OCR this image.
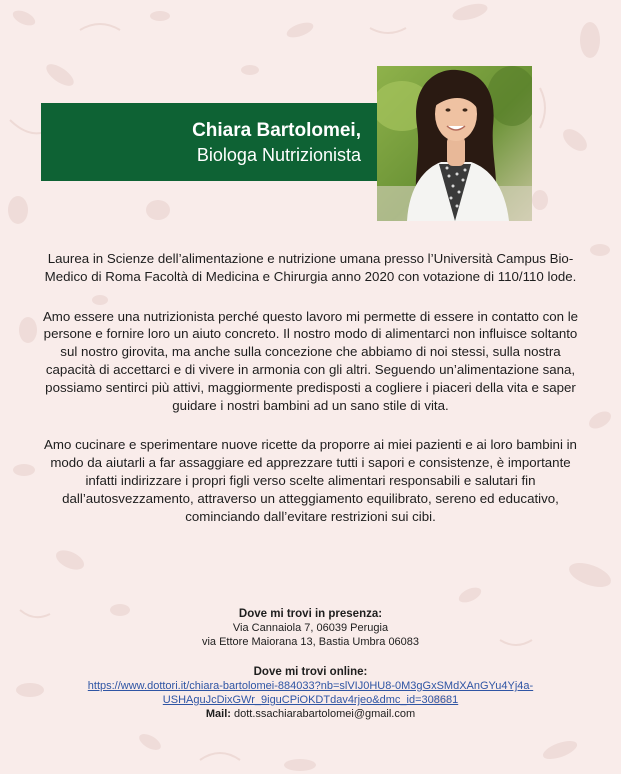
Chiara Bartolomei,
Biologa Nutrizionista

Laurea in Scienze dell’alimentazione e nutrizione umana presso l’Università Campus Bio-Medico di Roma Facoltà di Medicina e Chirurgia anno 2020 con votazione di 110/110 lode.

Amo essere una nutrizionista perché questo lavoro mi permette di essere in contatto con le persone e fornire loro un aiuto concreto. Il nostro modo di alimentarci non influisce soltanto sul nostro girovita, ma anche sulla concezione che abbiamo di noi stessi, sulla nostra capacità di accettarci e di vivere in armonia con gli altri. Seguendo un’alimentazione sana, possiamo sentirci più attivi, maggiormente predisposti a cogliere i piaceri della vita e saper guidare i nostri bambini ad un sano stile di vita.

Amo cucinare e sperimentare nuove ricette da proporre ai miei pazienti e ai loro bambini in modo da aiutarli a far assaggiare ed apprezzare tutti i sapori e consistenze, è importante infatti indirizzare i propri figli verso scelte alimentari responsabili e salutari fin dall’autosvezzamento, attraverso un atteggiamento equilibrato, sereno ed educativo, cominciando dall’evitare restrizioni sui cibi.

Dove mi trovi in presenza:
Via Cannaiola 7, 06039 Perugia
via Ettore Maiorana 13, Bastia Umbra 06083
Dove mi trovi online:
https://www.dottori.it/chiara-bartolomei-884033?nb=slVIJ0HU8-0M3gGxSMdXAnGYu4Yj4a-
USHAguJcDixGWr_9iguCPiOKDTdav4rjeo&dmc_id=308681
Mail: dott.ssachiarabartolomei@gmail.com
